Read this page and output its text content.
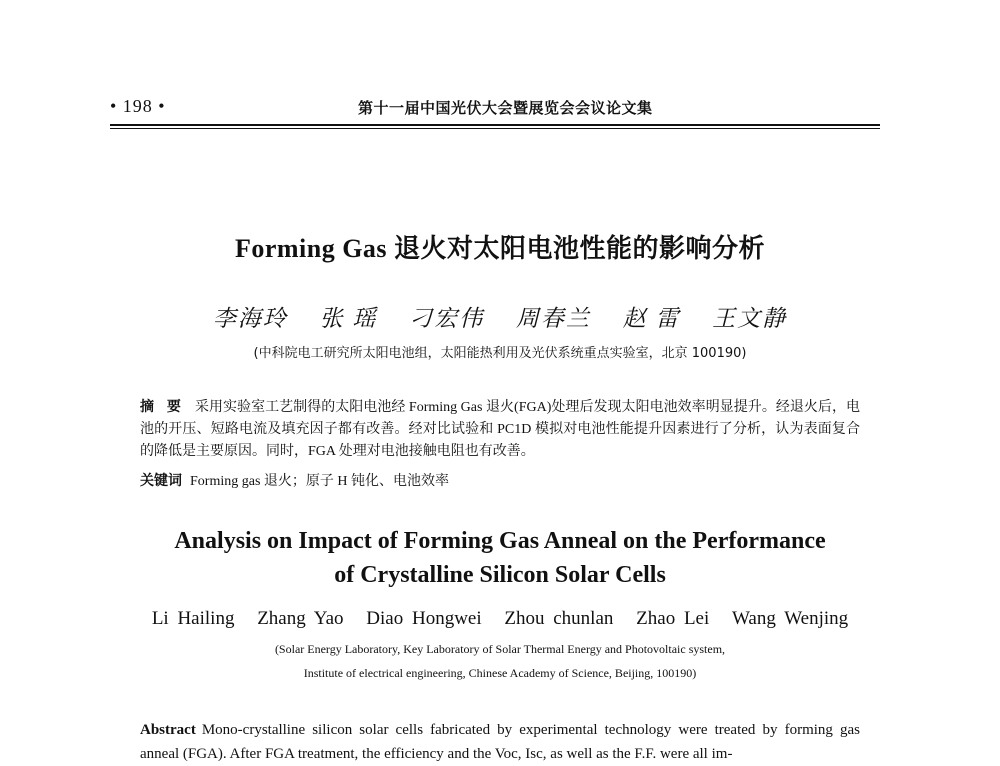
• 198 •	第十一届中国光伏大会暨展览会会议论文集
Forming Gas 退火对太阳电池性能的影响分析
李海玲 张 瑶 刁宏伟 周春兰 赵 雷 王文静
(中科院电工研究所太阳电池组，太阳能热利用及光伏系统重点实验室，北京 100190)
摘 要 采用实验室工艺制得的太阳电池经 Forming Gas 退火(FGA)处理后发现太阳电池效率明显提升。经退火后，电池的开压、短路电流及填充因子都有改善。经对比试验和 PC1D 模拟对电池性能提升因素进行了分析，认为表面复合的降低是主要原因。同时，FGA 处理对电池接触电阻也有改善。
关键词 Forming gas 退火；原子 H 钝化、电池效率
Analysis on Impact of Forming Gas Anneal on the Performance
of Crystalline Silicon Solar Cells
Li Hailing Zhang Yao Diao Hongwei Zhou chunlan Zhao Lei Wang Wenjing
(Solar Energy Laboratory, Key Laboratory of Solar Thermal Energy and Photovoltaic system,
Institute of electrical engineering, Chinese Academy of Science, Beijing, 100190)
Abstract Mono-crystalline silicon solar cells fabricated by experimental technology were treated by forming gas anneal (FGA). After FGA treatment, the efficiency and the Voc, Isc, as well as the F.F. were all im-
